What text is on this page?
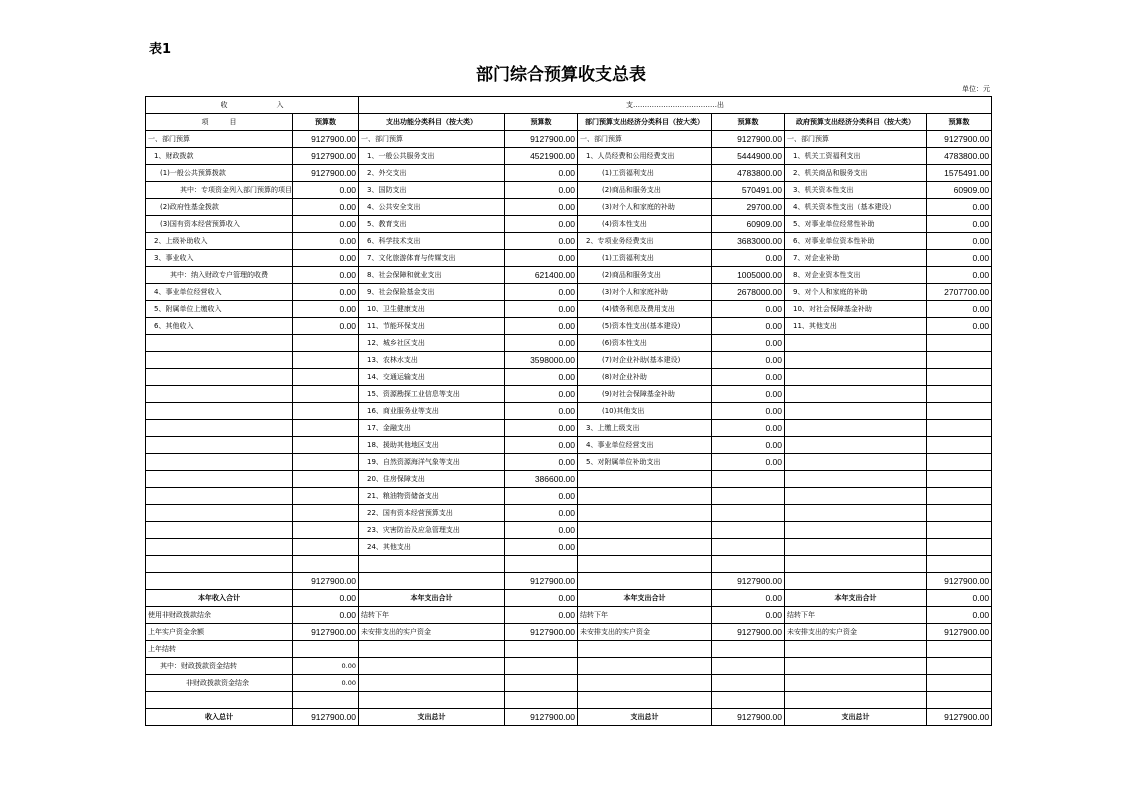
表1
部门综合预算收支总表
单位：元
收　　　　　　　入		支………………………………出					
项　　　目	预算数	支出功能分类科目（按大类）	预算数	部门预算支出经济分类科目（按大类）	预算数	政府预算支出经济分类科目（按大类）	预算数
一、部门预算	9127900.00	一、部门预算	9127900.00	一、部门预算	9127900.00	一、部门预算	9127900.00
1、财政拨款	9127900.00	1、一般公共服务支出	4521900.00	1、人员经费和公用经费支出	5444900.00	1、机关工资福利支出	4783800.00
(1)一般公共预算拨款	9127900.00	2、外交支出	0.00	(1)工资福利支出	4783800.00	2、机关商品和服务支出	1575491.00
其中：专项资金列入部门预算的项目	0.00	3、国防支出	0.00	(2)商品和服务支出	570491.00	3、机关资本性支出	60909.00
(2)政府性基金拨款	0.00	4、公共安全支出	0.00	(3)对个人和家庭的补助	29700.00	4、机关资本性支出（基本建设）	0.00
(3)国有资本经营预算收入	0.00	5、教育支出	0.00	(4)资本性支出	60909.00	5、对事业单位经常性补助	0.00
2、上级补助收入	0.00	6、科学技术支出	0.00	2、专项业务经费支出	3683000.00	6、对事业单位资本性补助	0.00
3、事业收入	0.00	7、文化旅游体育与传媒支出	0.00	(1)工资福利支出	0.00	7、对企业补助	0.00
其中：纳入财政专户管理的收费	0.00	8、社会保障和就业支出	621400.00	(2)商品和服务支出	1005000.00	8、对企业资本性支出	0.00
4、事业单位经营收入	0.00	9、社会保险基金支出	0.00	(3)对个人和家庭补助	2678000.00	9、对个人和家庭的补助	2707700.00
5、附属单位上缴收入	0.00	10、卫生健康支出	0.00	(4)债务利息及费用支出	0.00	10、对社会保障基金补助	0.00
6、其他收入	0.00	11、节能环保支出	0.00	(5)资本性支出(基本建设)	0.00	11、其他支出	0.00
		12、城乡社区支出	0.00	(6)资本性支出	0.00		
		13、农林水支出	3598000.00	(7)对企业补助(基本建设)	0.00		
		14、交通运输支出	0.00	(8)对企业补助	0.00		
		15、资源勘探工业信息等支出	0.00	(9)对社会保障基金补助	0.00		
		16、商业服务业等支出	0.00	(10)其他支出	0.00		
		17、金融支出	0.00	3、上缴上级支出	0.00		
		18、援助其他地区支出	0.00	4、事业单位经营支出	0.00		
		19、自然资源海洋气象等支出	0.00	5、对附属单位补助支出	0.00		
		20、住房保障支出	386600.00				
		21、粮油物资储备支出	0.00				
		22、国有资本经营预算支出	0.00				
		23、灾害防治及应急管理支出	0.00				
		24、其他支出	0.00				

	9127900.00		9127900.00		9127900.00		9127900.00
本年收入合计	0.00	本年支出合计	0.00	本年支出合计	0.00	本年支出合计	0.00
使用非财政拨款结余	0.00	结转下年	0.00	结转下年	0.00	结转下年	0.00
上年实户资金余额	9127900.00	未安排支出的实户资金	9127900.00	未安排支出的实户资金	9127900.00	未安排支出的实户资金	9127900.00
上年结转							
其中：财政拨款资金结转	0.00						
非财政拨款资金结余	0.00						

收入总计	9127900.00	支出总计	9127900.00	支出总计	9127900.00	支出总计	9127900.00
